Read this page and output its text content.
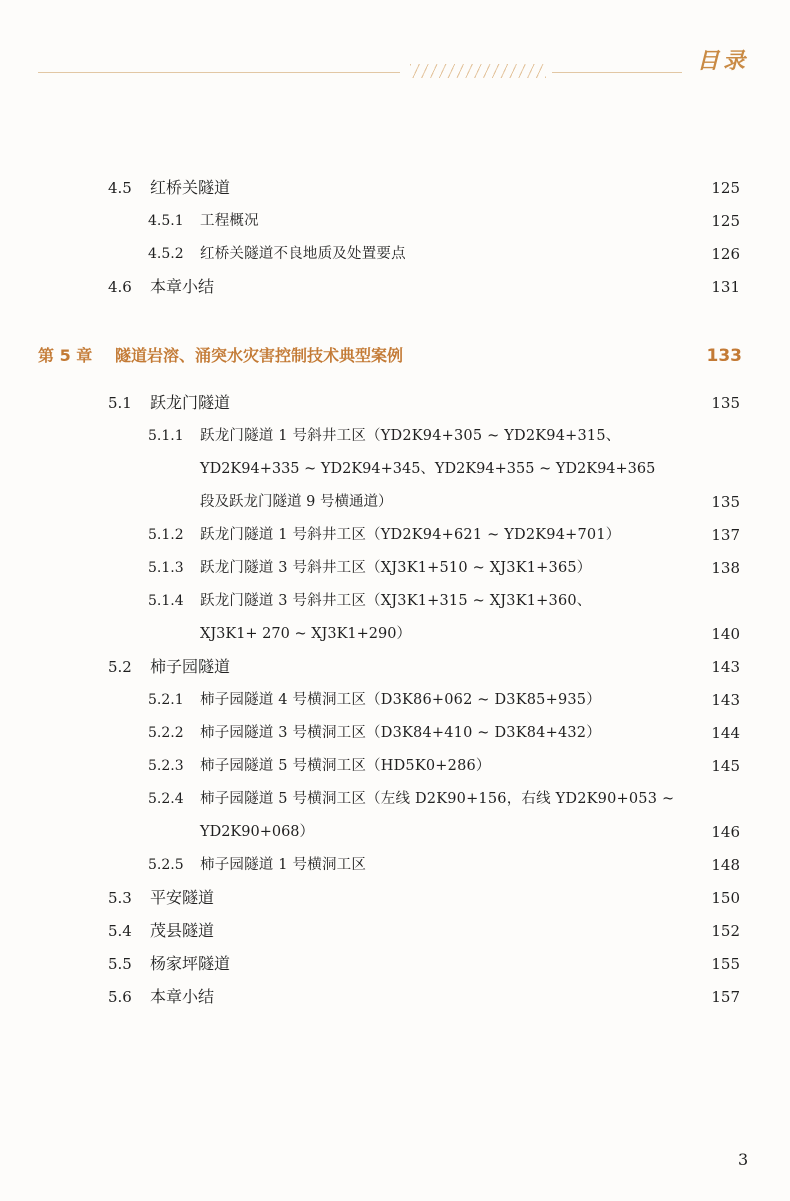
目录
4.5 红桥关隧道	125
4.5.1 工程概况	125
4.5.2 红桥关隧道不良地质及处置要点	126
4.6 本章小结	131
第 5 章 隧道岩溶、涌突水灾害控制技术典型案例	133
5.1 跃龙门隧道	135
5.1.1 跃龙门隧道 1 号斜井工区（YD2K94+305 ~ YD2K94+315、
YD2K94+335 ~ YD2K94+345、YD2K94+355 ~ YD2K94+365
段及跃龙门隧道 9 号横通道）	135
5.1.2 跃龙门隧道 1 号斜井工区（YD2K94+621 ~ YD2K94+701）	137
5.1.3 跃龙门隧道 3 号斜井工区（XJ3K1+510 ~ XJ3K1+365）	138
5.1.4 跃龙门隧道 3 号斜井工区（XJ3K1+315 ~ XJ3K1+360、
XJ3K1+ 270 ~ XJ3K1+290）	140
5.2 柿子园隧道	143
5.2.1 柿子园隧道 4 号横洞工区（D3K86+062 ~ D3K85+935）	143
5.2.2 柿子园隧道 3 号横洞工区（D3K84+410 ~ D3K84+432）	144
5.2.3 柿子园隧道 5 号横洞工区（HD5K0+286）	145
5.2.4 柿子园隧道 5 号横洞工区（左线 D2K90+156，右线 YD2K90+053 ~
YD2K90+068）	146
5.2.5 柿子园隧道 1 号横洞工区	148
5.3 平安隧道	150
5.4 茂县隧道	152
5.5 杨家坪隧道	155
5.6 本章小结	157
3
